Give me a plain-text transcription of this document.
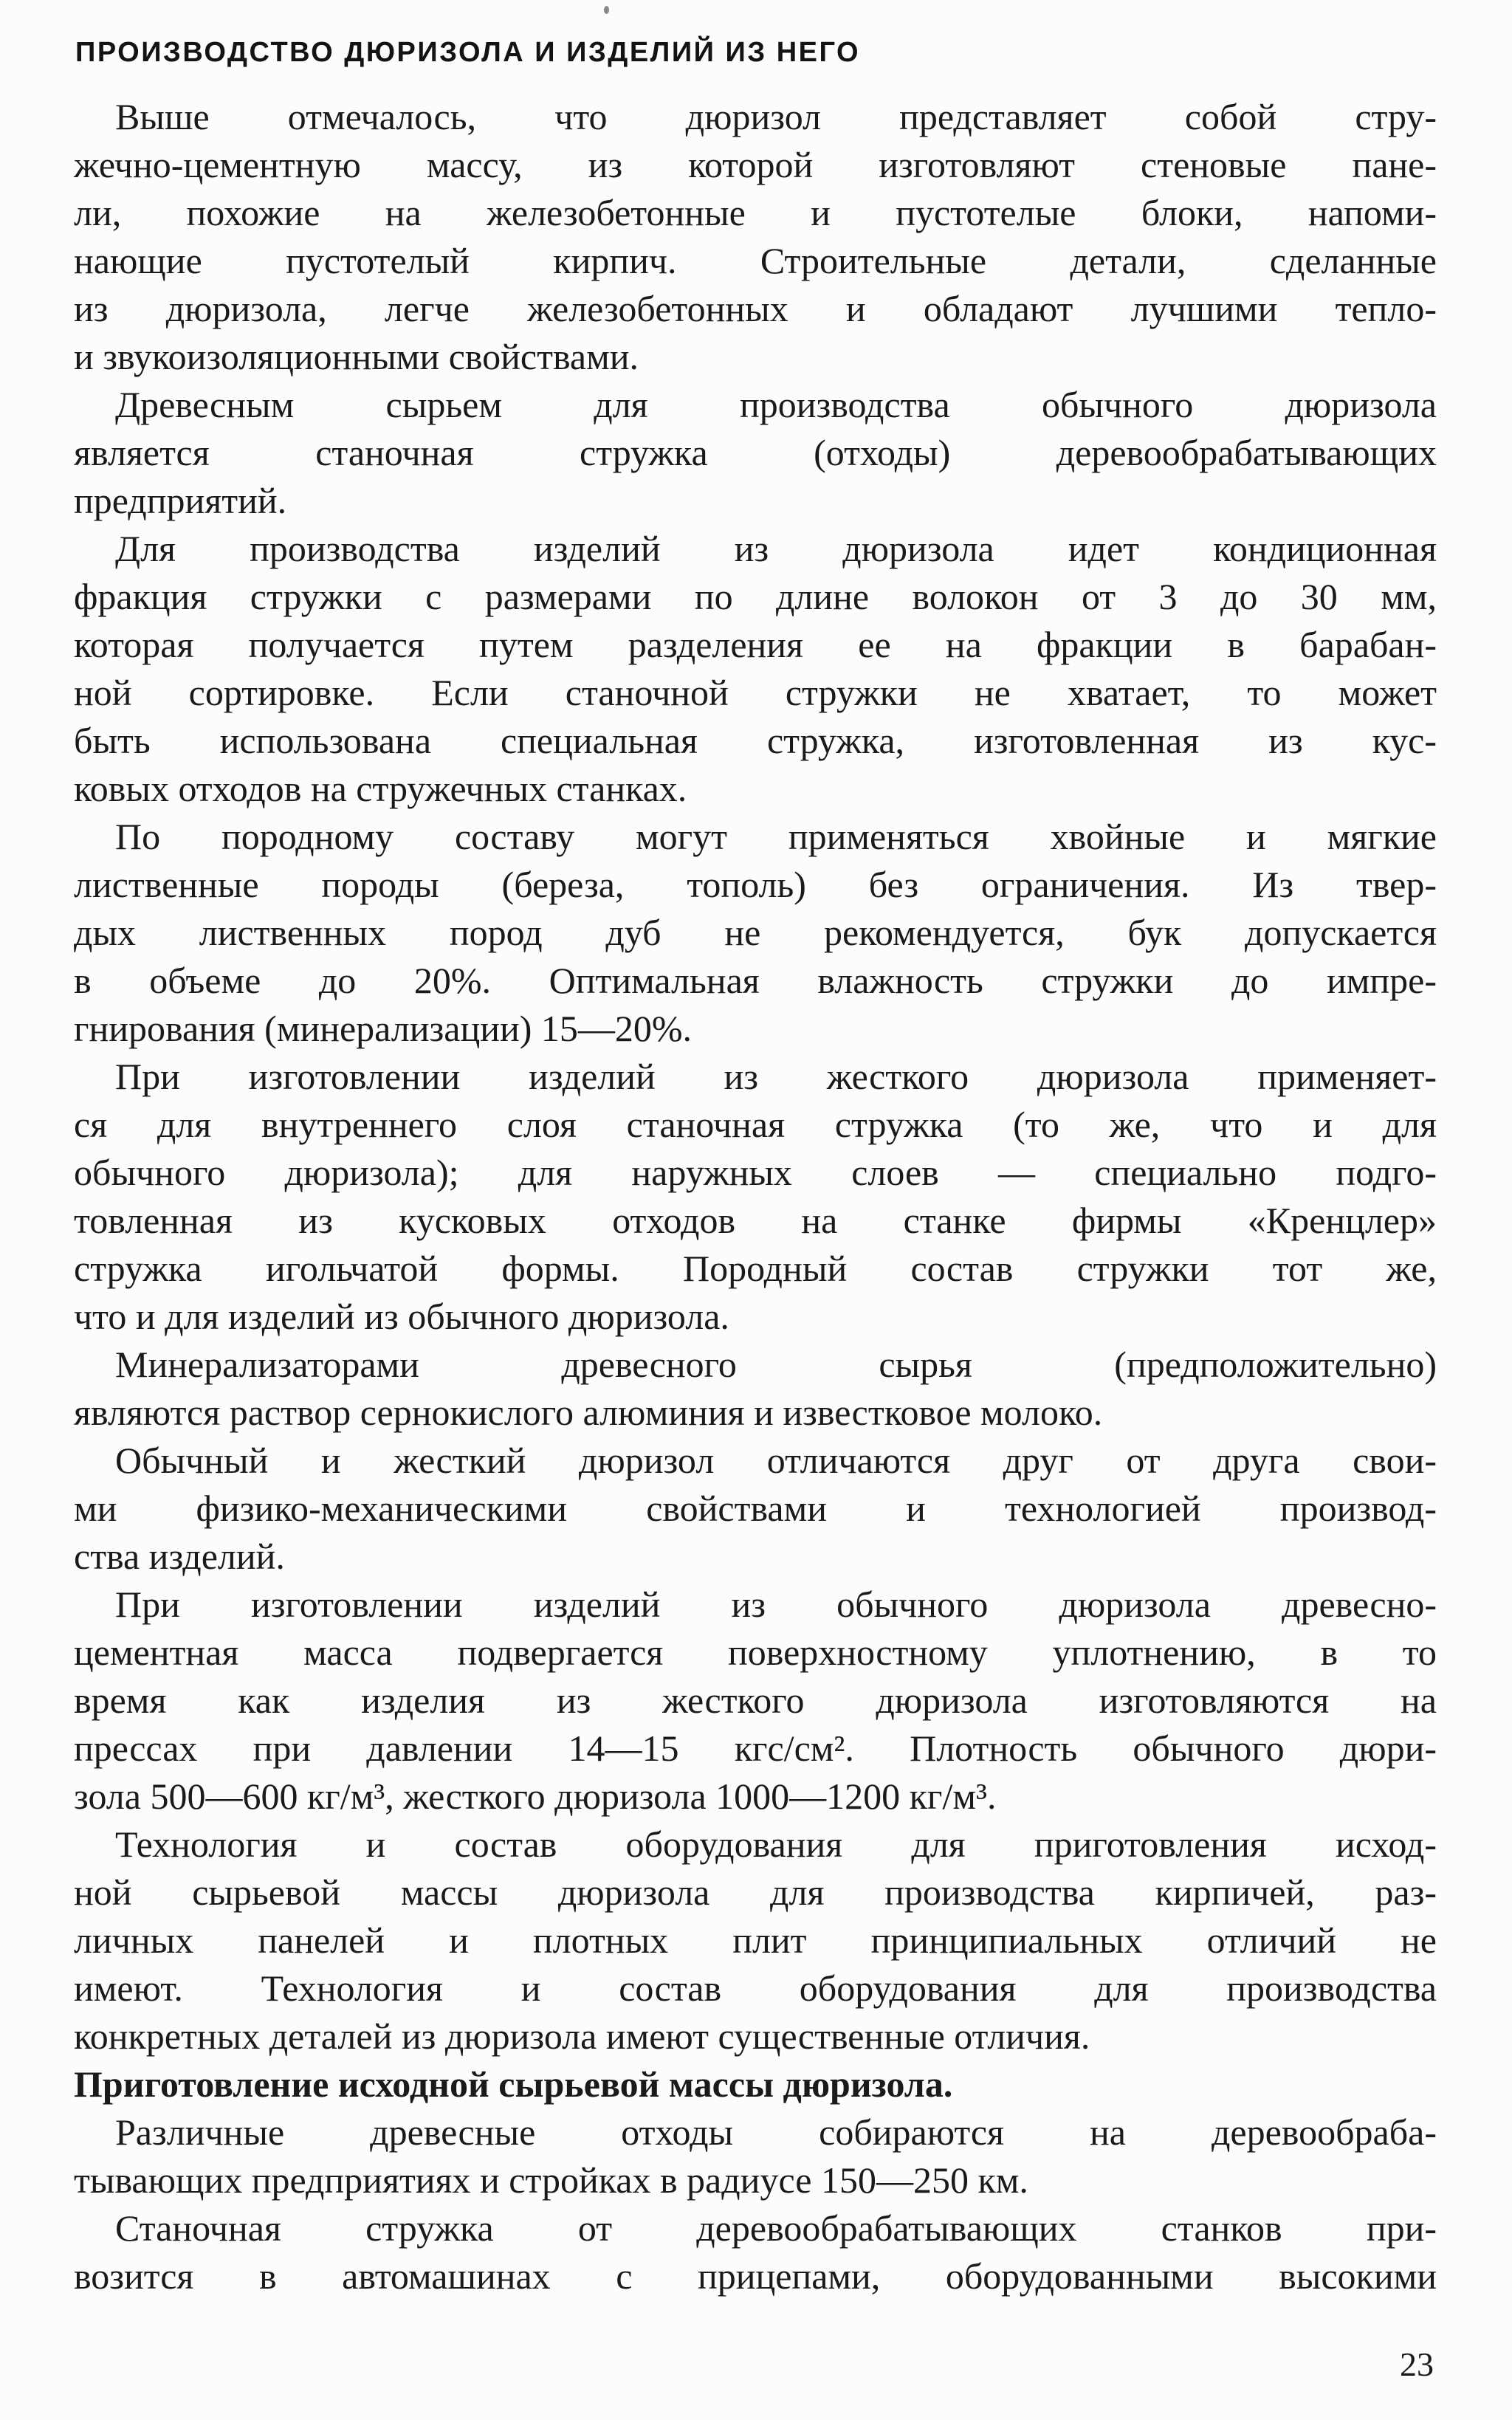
ПРОИЗВОДСТВО ДЮРИЗОЛА И ИЗДЕЛИЙ ИЗ НЕГО

Выше отмечалось, что дюризол представляет собой стру-
жечно-цементную массу, из которой изготовляют стеновые пане-
ли, похожие на железобетонные и пустотелые блоки, напоми-
нающие пустотелый кирпич. Строительные детали, сделанные
из дюризола, легче железобетонных и обладают лучшими тепло-
и звукоизоляционными свойствами.

Древесным сырьем для производства обычного дюризола
является станочная стружка (отходы) деревообрабатывающих
предприятий.

Для производства изделий из дюризола идет кондиционная
фракция стружки с размерами по длине волокон от 3 до 30 мм,
которая получается путем разделения ее на фракции в барабан-
ной сортировке. Если станочной стружки не хватает, то может
быть использована специальная стружка, изготовленная из кус-
ковых отходов на стружечных станках.

По породному составу могут применяться хвойные и мягкие
лиственные породы (береза, тополь) без ограничения. Из твер-
дых лиственных пород дуб не рекомендуется, бук допускается
в объеме до 20%. Оптимальная влажность стружки до импре-
гнирования (минерализации) 15—20%.

При изготовлении изделий из жесткого дюризола применяет-
ся для внутреннего слоя станочная стружка (то же, что и для
обычного дюризола); для наружных слоев — специально подго-
товленная из кусковых отходов на станке фирмы «Кренцлер»
стружка игольчатой формы. Породный состав стружки тот же,
что и для изделий из обычного дюризола.

Минерализаторами древесного сырья (предположительно)
являются раствор сернокислого алюминия и известковое молоко.

Обычный и жесткий дюризол отличаются друг от друга свои-
ми физико-механическими свойствами и технологией производ-
ства изделий.

При изготовлении изделий из обычного дюризола древесно-
цементная масса подвергается поверхностному уплотнению, в то
время как изделия из жесткого дюризола изготовляются на
прессах при давлении 14—15 кгс/см². Плотность обычного дюри-
зола 500—600 кг/м³, жесткого дюризола 1000—1200 кг/м³.

Технология и состав оборудования для приготовления исход-
ной сырьевой массы дюризола для производства кирпичей, раз-
личных панелей и плотных плит принципиальных отличий не
имеют. Технология и состав оборудования для производства
конкретных деталей из дюризола имеют существенные отличия.

Приготовление исходной сырьевой массы дюризола.

Различные древесные отходы собираются на деревообраба-
тывающих предприятиях и стройках в радиусе 150—250 км.

Станочная стружка от деревообрабатывающих станков при-
возится в автомашинах с прицепами, оборудованными высокими

23
